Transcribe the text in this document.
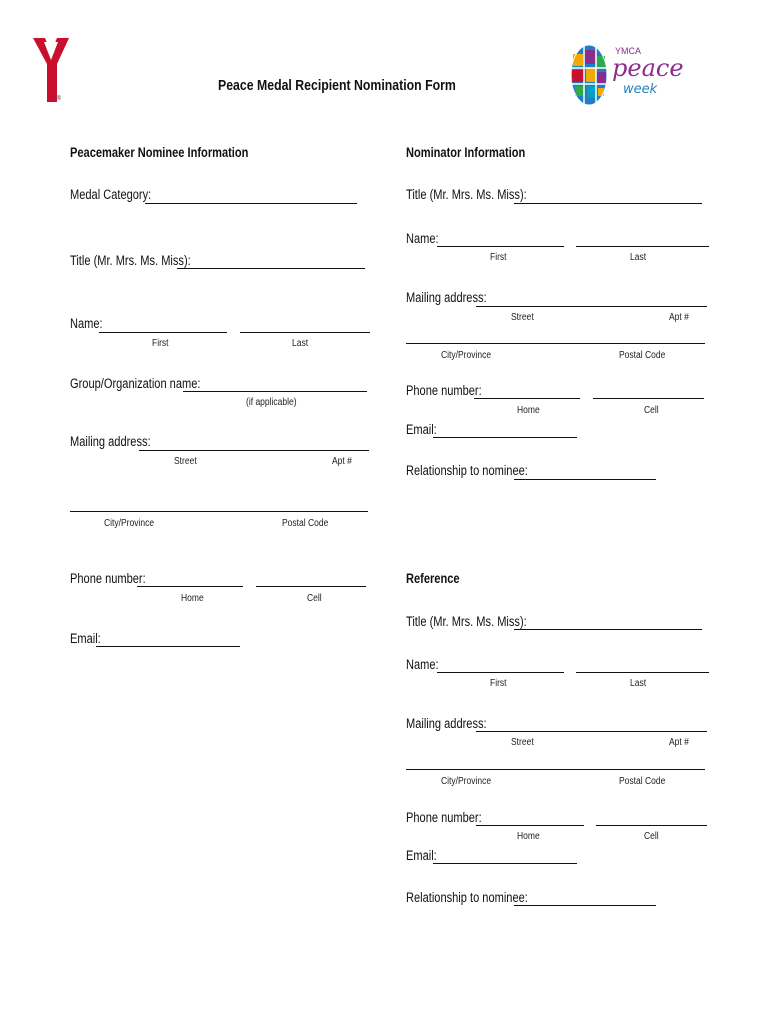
®
Peace Medal Recipient Nomination Form
YMCA
peace
week
Peacemaker Nominee Information
Medal Category:
Title (Mr. Mrs. Ms. Miss):
Name:
First	Last
Group/Organization name:
(if applicable)
Mailing address:
Street	Apt #
City/Province	Postal Code
Phone number:
Home	Cell
Email:
Nominator Information
Title (Mr. Mrs. Ms. Miss):
Name:
First	Last
Mailing address:
Street	Apt #
City/Province	Postal Code
Phone number:
Home	Cell
Email:
Relationship to nominee:
Reference
Title (Mr. Mrs. Ms. Miss):
Name:
First	Last
Mailing address:
Street	Apt #
City/Province	Postal Code
Phone number:
Home	Cell
Email:
Relationship to nominee:
